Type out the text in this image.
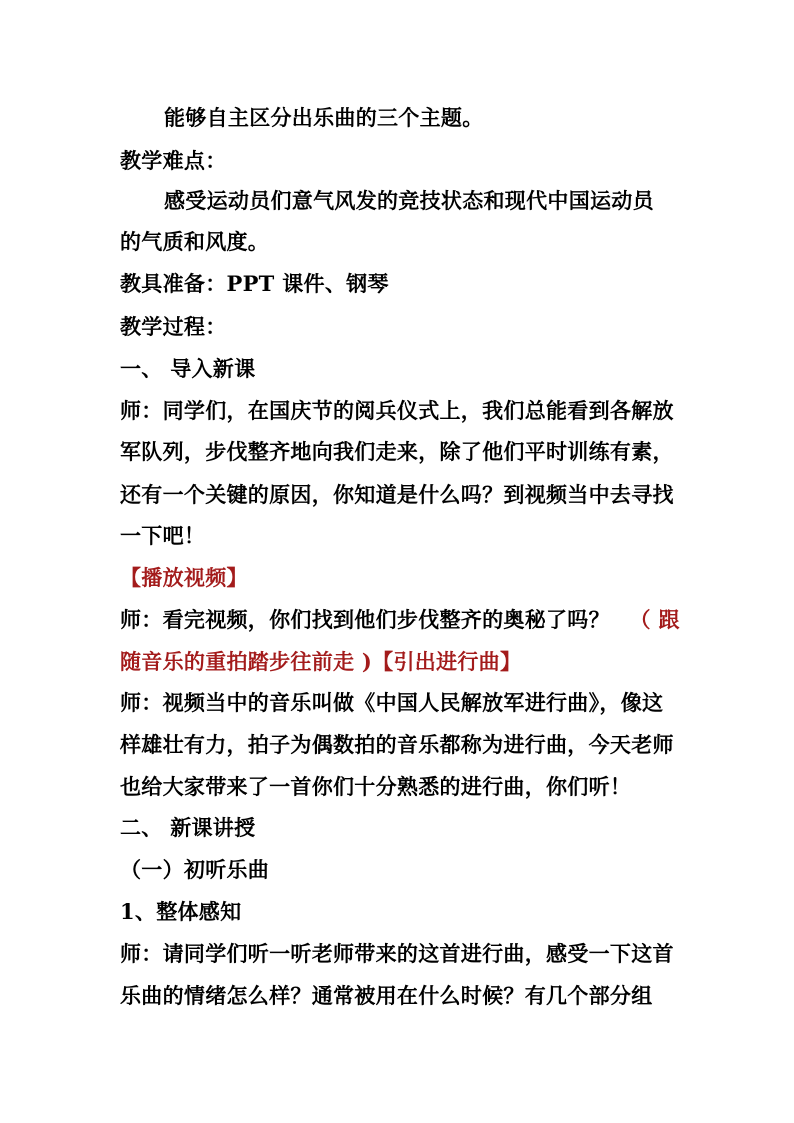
能够自主区分出乐曲的三个主题。
教学难点：
感受运动员们意气风发的竞技状态和现代中国运动员
的气质和风度。
教具准备：PPT 课件、钢琴
教学过程：
一、 导入新课
师：同学们，在国庆节的阅兵仪式上，我们总能看到各解放
军队列，步伐整齐地向我们走来，除了他们平时训练有素，
还有一个关键的原因，你知道是什么吗？到视频当中去寻找
一下吧！
【播放视频】
师：看完视频，你们找到他们步伐整齐的奥秘了吗？ （ 跟
随音乐的重拍踏步往前走 )【引出进行曲】
师：视频当中的音乐叫做《中国人民解放军进行曲》，像这
样雄壮有力，拍子为偶数拍的音乐都称为进行曲，今天老师
也给大家带来了一首你们十分熟悉的进行曲，你们听！
二、 新课讲授
（一）初听乐曲
1、整体感知
师：请同学们听一听老师带来的这首进行曲，感受一下这首
乐曲的情绪怎么样？通常被用在什么时候？有几个部分组
